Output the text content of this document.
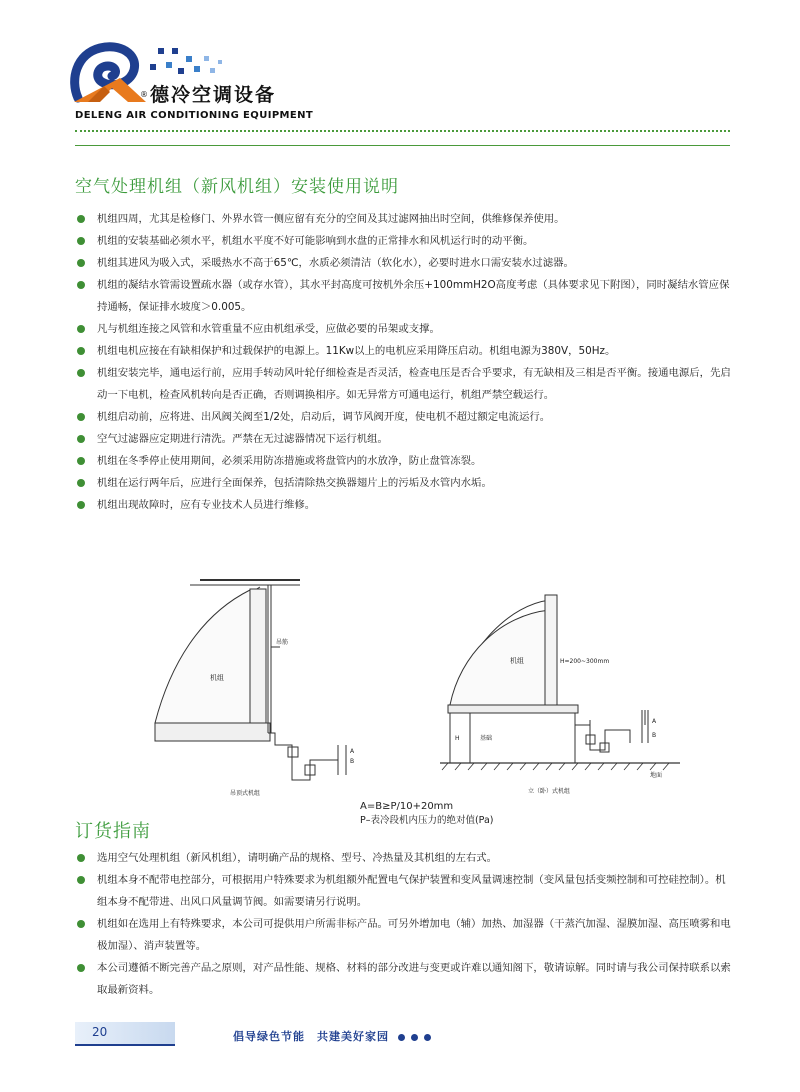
® 德冷空调设备
DELENG AIR CONDITIONING EQUIPMENT
空气处理机组（新风机组）安装使用说明
机组四周，尤其是检修门、外界水管一侧应留有充分的空间及其过滤网抽出时空间，供维修保养使用。
机组的安装基础必须水平，机组水平度不好可能影响到水盘的正常排水和风机运行时的动平衡。
机组其进风为吸入式，采暖热水不高于65℃，水质必须清洁（软化水），必要时进水口需安装水过滤器。
机组的凝结水管需设置疏水器（或存水管），其水平封高度可按机外余压+100mmH2O高度考虑（具体要求见下附图），同时凝结水管应保持通畅，保证排水坡度＞0.005。
凡与机组连接之风管和水管重量不应由机组承受，应做必要的吊架或支撑。
机组电机应接在有缺相保护和过载保护的电源上。11Kw以上的电机应采用降压启动。机组电源为380V，50Hz。
机组安装完毕，通电运行前，应用手转动风叶轮仔细检查是否灵活，检查电压是否合乎要求，有无缺相及三相是否平衡。接通电源后，先启动一下电机，检查风机转向是否正确，否则调换相序。如无异常方可通电运行，机组严禁空载运行。
机组启动前，应将进、出风阀关阀至1/2处，启动后，调节风阀开度，使电机不超过额定电流运行。
空气过滤器应定期进行清洗。严禁在无过滤器情况下运行机组。
机组在冬季停止使用期间，必须采用防冻措施或将盘管内的水放净，防止盘管冻裂。
机组在运行两年后，应进行全面保养，包括清除热交换器翅片上的污垢及水管内水垢。
机组出现故障时，应有专业技术人员进行维修。
吊筋
机组
B
A
吊顶式机组
机组	H=200~300mm
基础
H
A
B
地面
立（卧）式机组
A=B≥P/10+20mm
P–表冷段机内压力的绝对值(Pa)
订货指南
选用空气处理机组（新风机组），请明确产品的规格、型号、冷热量及其机组的左右式。
机组本身不配带电控部分，可根据用户特殊要求为机组额外配置电气保护装置和变风量调速控制（变风量包括变频控制和可控硅控制）。机组本身不配带进、出风口风量调节阀。如需要请另行说明。
机组如在选用上有特殊要求，本公司可提供用户所需非标产品。可另外增加电（辅）加热、加湿器（干蒸汽加湿、湿膜加湿、高压喷雾和电极加湿）、消声装置等。
本公司遵循不断完善产品之原则，对产品性能、规格、材料的部分改进与变更或许难以通知阁下，敬请谅解。同时请与我公司保持联系以索取最新资料。
20	倡导绿色节能　共建美好家园
